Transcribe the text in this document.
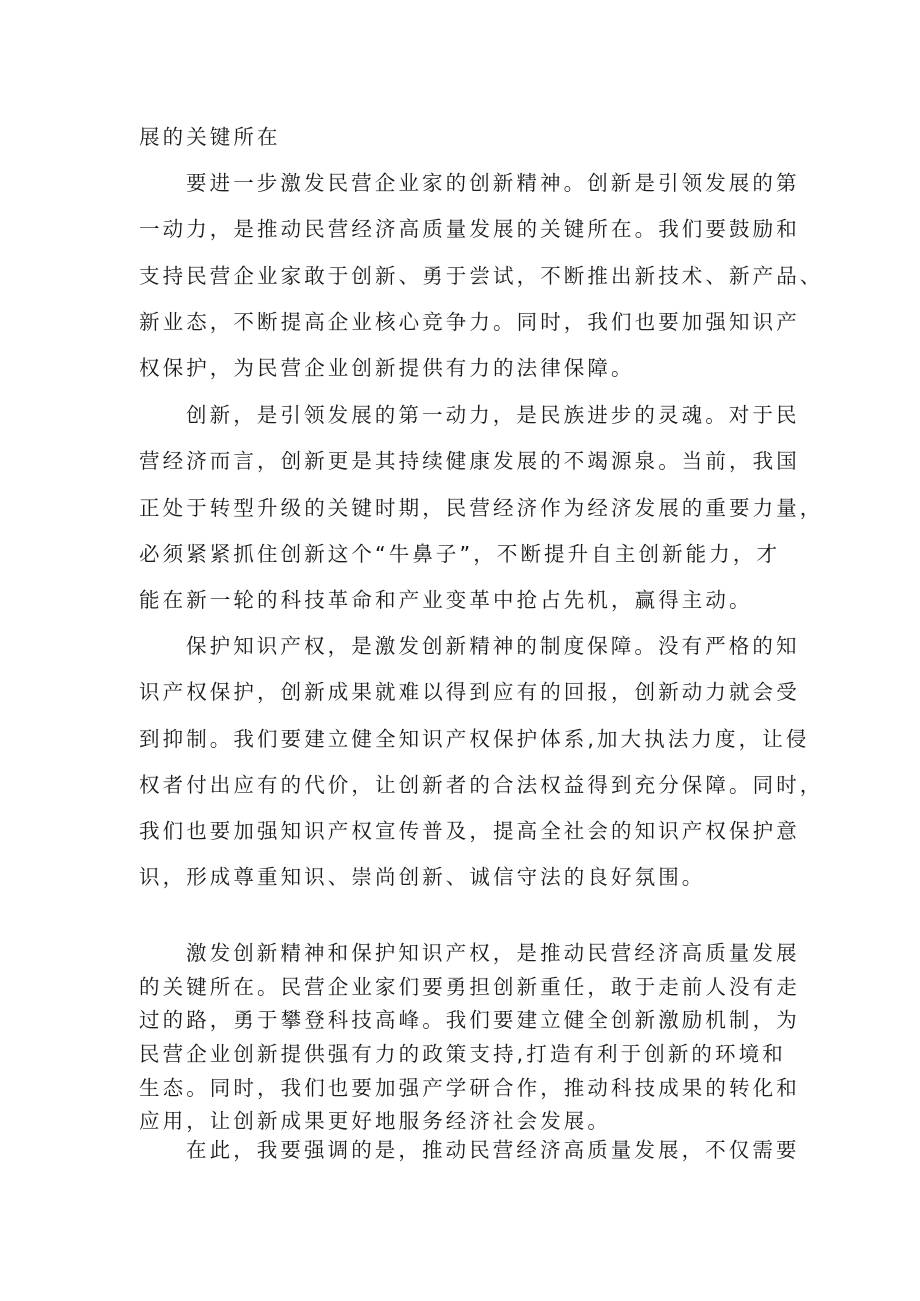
展的关键所在
要进一步激发民营企业家的创新精神。创新是引领发展的第
一动力，是推动民营经济高质量发展的关键所在。我们要鼓励和
支持民营企业家敢于创新、勇于尝试，不断推出新技术、新产品、
新业态，不断提高企业核心竞争力。同时，我们也要加强知识产
权保护，为民营企业创新提供有力的法律保障。
创新，是引领发展的第一动力，是民族进步的灵魂。对于民
营经济而言，创新更是其持续健康发展的不竭源泉。当前，我国
正处于转型升级的关键时期，民营经济作为经济发展的重要力量，
必须紧紧抓住创新这个“牛鼻子”，不断提升自主创新能力，才
能在新一轮的科技革命和产业变革中抢占先机，赢得主动。
保护知识产权，是激发创新精神的制度保障。没有严格的知
识产权保护，创新成果就难以得到应有的回报，创新动力就会受
到抑制。我们要建立健全知识产权保护体系,加大执法力度，让侵
权者付出应有的代价，让创新者的合法权益得到充分保障。同时，
我们也要加强知识产权宣传普及，提高全社会的知识产权保护意
识，形成尊重知识、崇尚创新、诚信守法的良好氛围。
激发创新精神和保护知识产权，是推动民营经济高质量发展
的关键所在。民营企业家们要勇担创新重任，敢于走前人没有走
过的路，勇于攀登科技高峰。我们要建立健全创新激励机制，为
民营企业创新提供强有力的政策支持,打造有利于创新的环境和
生态。同时，我们也要加强产学研合作，推动科技成果的转化和
应用，让创新成果更好地服务经济社会发展。
在此，我要强调的是，推动民营经济高质量发展，不仅需要
